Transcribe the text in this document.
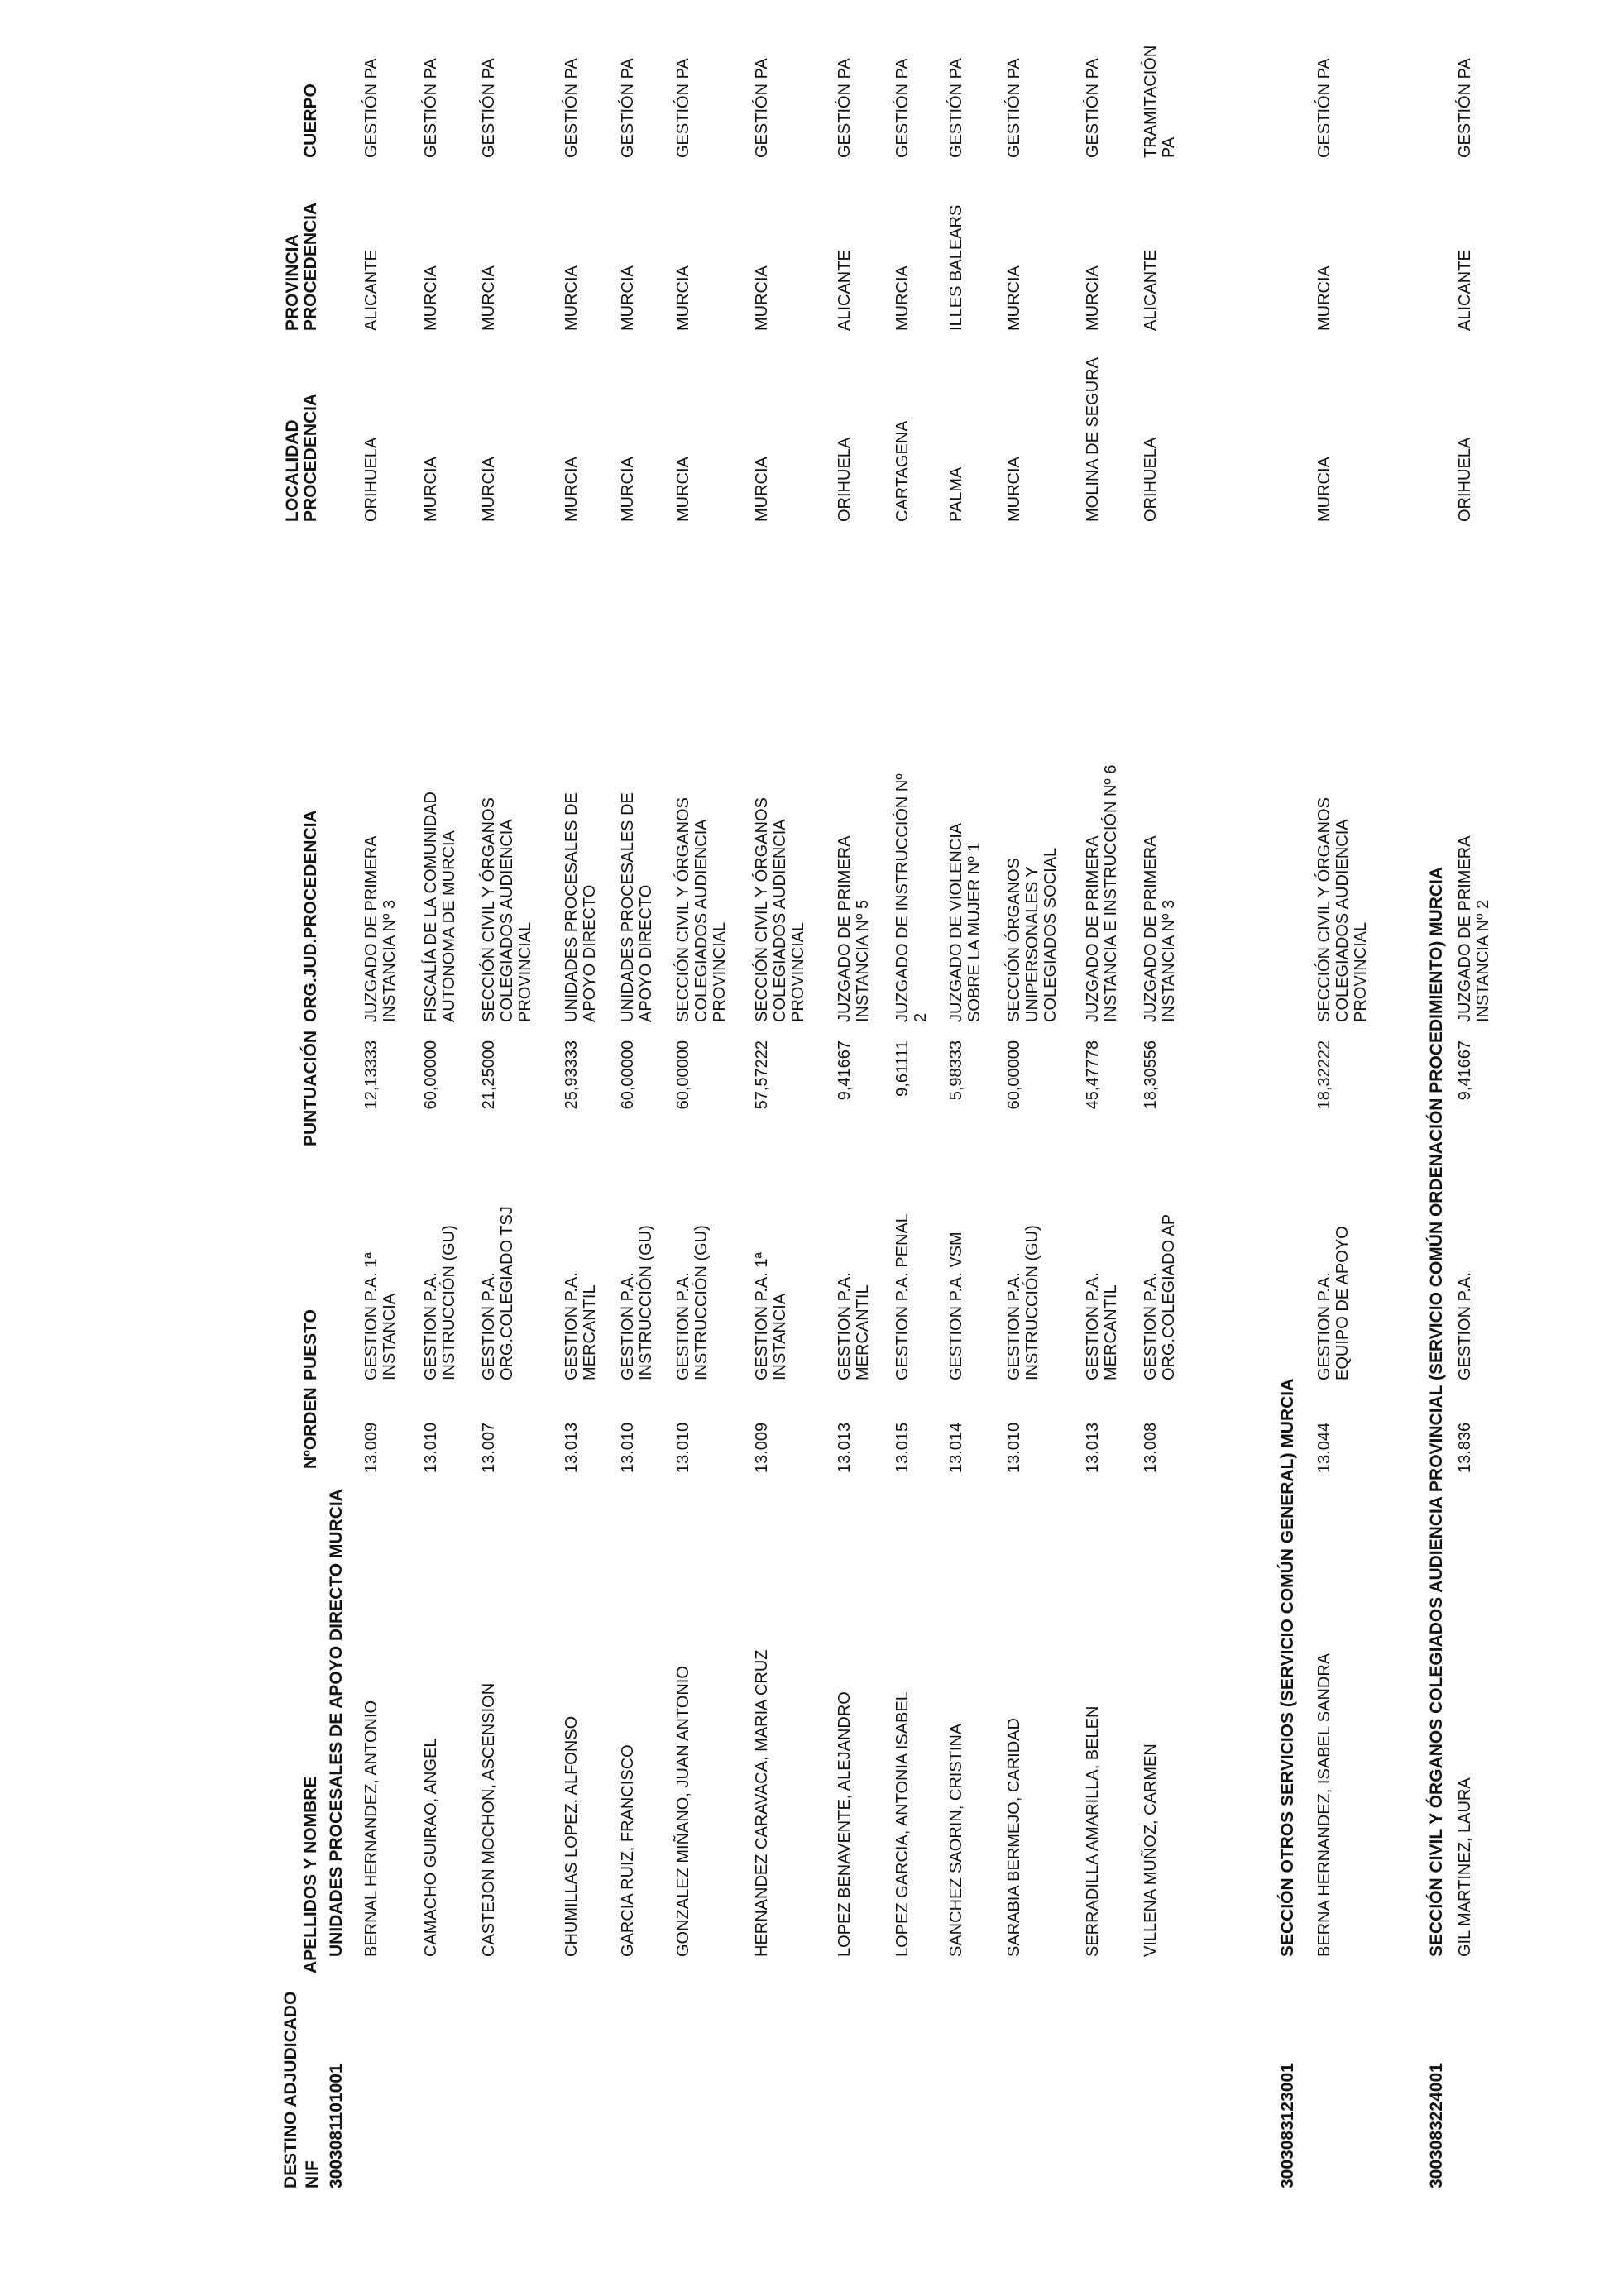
DESTINO ADJUDICADO NIF
APELLIDOS Y NOMBRE
NºORDEN
PUESTO
PUNTUACIÓN
ORG.JUD.PROCEDENCIA
LOCALIDAD PROCEDENCIA
PROVINCIA PROCEDENCIA
CUERPO
3003081101001
UNIDADES PROCESALES DE APOYO DIRECTO MURCIA BERNAL HERNANDEZ, ANTONIO
13.009
GESTION P.A. 1ª INSTANCIA
12,13333
JUZGADO DE PRIMERA INSTANCIA Nº 3
ORIHUELA
ALICANTE
GESTIÓN PA
CAMACHO GUIRAO, ANGEL
13.010
GESTION P.A. INSTRUCCIÓN (GU)
60,00000
FISCALÍA DE LA COMUNIDAD AUTONOMA DE MURCIA
MURCIA
MURCIA
GESTIÓN PA
CASTEJON MOCHON, ASCENSION
13.007
GESTION P.A. ORG.COLEGIADO TSJ
21,25000
SECCIÓN CIVIL Y ÓRGANOS COLEGIADOS AUDIENCIA PROVINCIAL
MURCIA
MURCIA
GESTIÓN PA
CHUMILLAS LOPEZ, ALFONSO
13.013
GESTION P.A. MERCANTIL
25,93333
UNIDADES PROCESALES DE APOYO DIRECTO
MURCIA
MURCIA
GESTIÓN PA
GARCIA RUIZ, FRANCISCO
13.010
GESTION P.A. INSTRUCCIÓN (GU)
60,00000
UNIDADES PROCESALES DE APOYO DIRECTO
MURCIA
MURCIA
GESTIÓN PA
GONZALEZ MIÑANO, JUAN ANTONIO
13.010
GESTION P.A. INSTRUCCIÓN (GU)
60,00000
SECCIÓN CIVIL Y ÓRGANOS COLEGIADOS AUDIENCIA PROVINCIAL
MURCIA
MURCIA
GESTIÓN PA
HERNANDEZ CARAVACA, MARIA CRUZ
13.009
GESTION P.A. 1ª INSTANCIA
57,57222
SECCIÓN CIVIL Y ÓRGANOS COLEGIADOS AUDIENCIA PROVINCIAL
MURCIA
MURCIA
GESTIÓN PA
LOPEZ BENAVENTE, ALEJANDRO
13.013
GESTION P.A. MERCANTIL
9,41667
JUZGADO DE PRIMERA INSTANCIA Nº 5
ORIHUELA
ALICANTE
GESTIÓN PA
LOPEZ GARCIA, ANTONIA ISABEL
13.015
GESTION P.A. PENAL
9,61111
JUZGADO DE INSTRUCCIÓN Nº 2
CARTAGENA
MURCIA
GESTIÓN PA
SANCHEZ SAORIN, CRISTINA
13.014
GESTION P.A. VSM
5,98333
JUZGADO DE VIOLENCIA SOBRE LA MUJER Nº 1
PALMA
ILLES BALEARS
GESTIÓN PA
SARABIA BERMEJO, CARIDAD
13.010
GESTION P.A. INSTRUCCIÓN (GU)
60,00000
SECCIÓN ÓRGANOS UNIPERSONALES Y COLEGIADOS SOCIAL
MURCIA
MURCIA
GESTIÓN PA
SERRADILLA AMARILLA, BELEN
13.013
GESTION P.A. MERCANTIL
45,47778
JUZGADO DE PRIMERA INSTANCIA E INSTRUCCIÓN Nº 6
MOLINA DE SEGURA
MURCIA
GESTIÓN PA
VILLENA MUÑOZ, CARMEN
13.008
GESTION P.A. ORG.COLEGIADO AP
18,30556
JUZGADO DE PRIMERA INSTANCIA Nº 3
ORIHUELA
ALICANTE
TRAMITACIÓN PA
3003083123001
SECCIÓN OTROS SERVICIOS (SERVICIO COMÚN GENERAL) MURCIA BERNA HERNANDEZ, ISABEL SANDRA
13.044
GESTION P.A. EQUIPO DE APOYO
18,32222
SECCIÓN CIVIL Y ÓRGANOS COLEGIADOS AUDIENCIA PROVINCIAL
MURCIA
MURCIA
GESTIÓN PA
3003083224001
SECCIÓN CIVIL Y ÓRGANOS COLEGIADOS AUDIENCIA PROVINCIAL (SERVICIO COMÚN ORDENACIÓN PROCEDIMIENTO) MURCIA GIL MARTINEZ, LAURA
13.836
GESTION P.A.
9,41667
JUZGADO DE PRIMERA INSTANCIA Nº 2
ORIHUELA
ALICANTE
GESTIÓN PA
